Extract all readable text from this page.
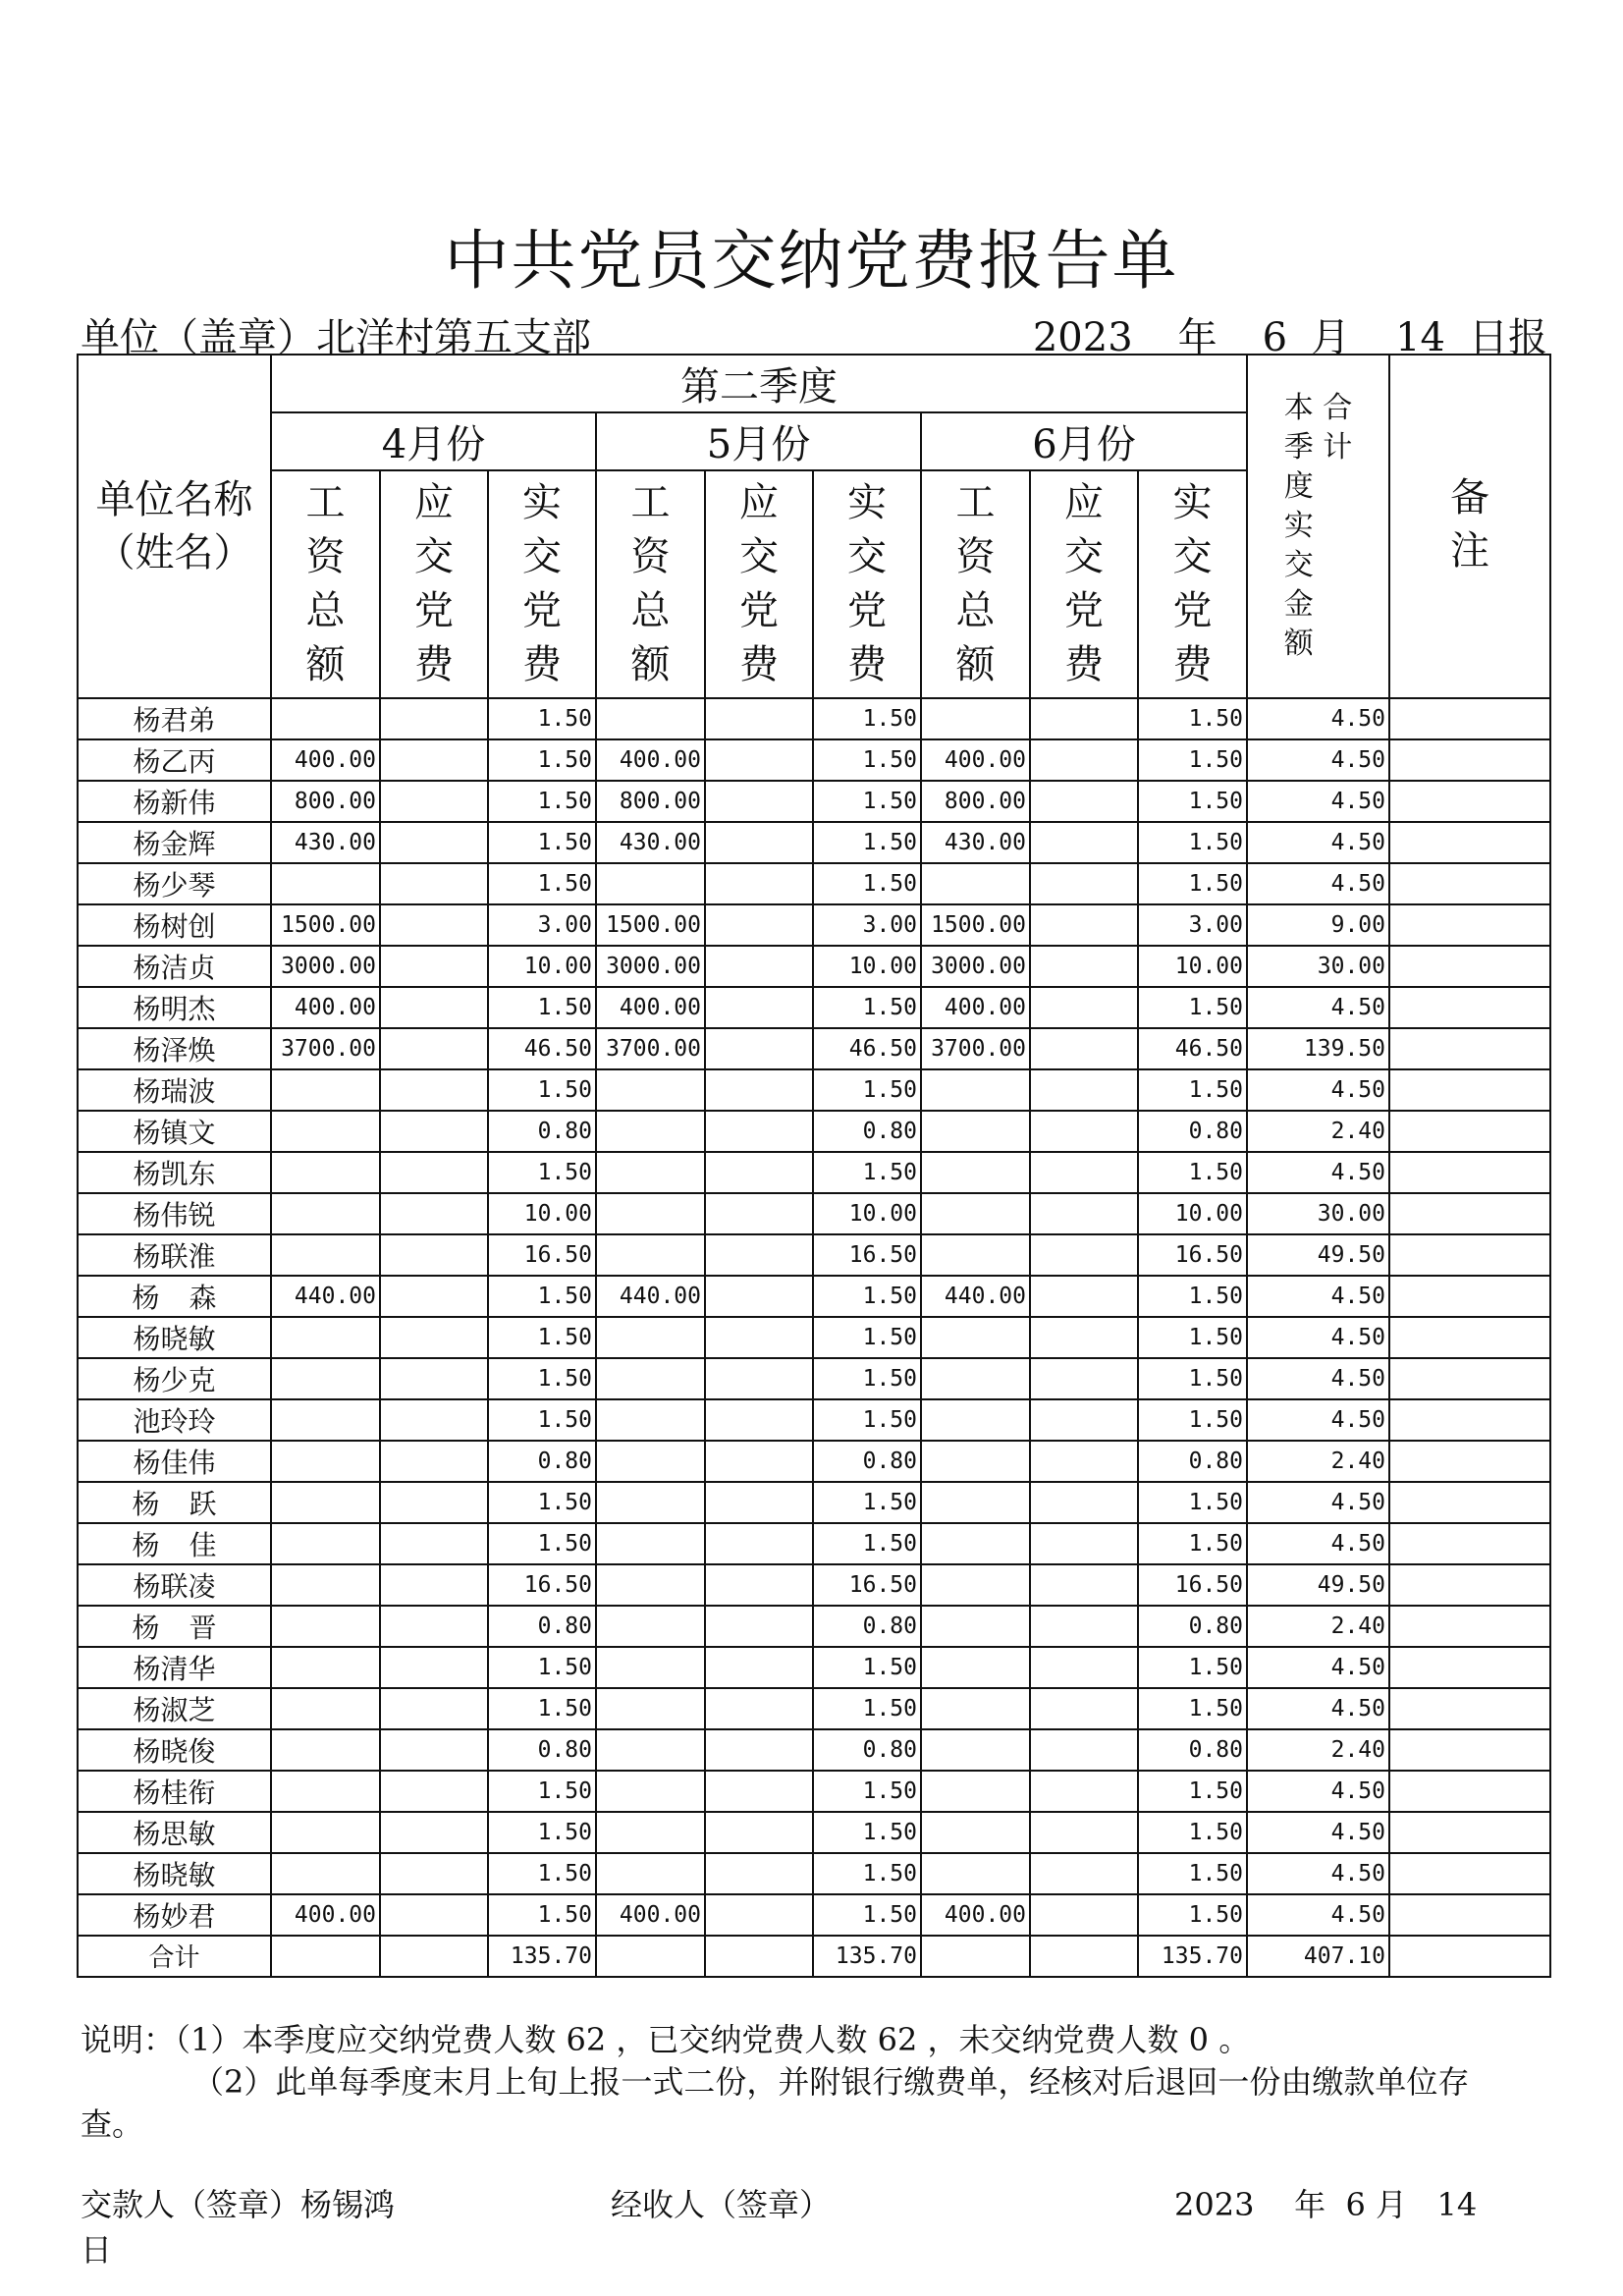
中共党员交纳党费报告单
单位（盖章）北洋村第五支部	2023 年 6 月 14 日报
单位名称（姓名）	第二季度									本季度实交金额 合计	备注
	4月份			5月份			6月份				
	工资总额	应交党费	实交党费	工资总额	应交党费	实交党费	工资总额	应交党费	实交党费		
杨君弟			1.50			1.50			1.50	4.50	
杨乙丙	400.00		1.50	400.00		1.50	400.00		1.50	4.50	
杨新伟	800.00		1.50	800.00		1.50	800.00		1.50	4.50	
杨金辉	430.00		1.50	430.00		1.50	430.00		1.50	4.50	
杨少琴			1.50			1.50			1.50	4.50	
杨树创	1500.00		3.00	1500.00		3.00	1500.00		3.00	9.00	
杨洁贞	3000.00		10.00	3000.00		10.00	3000.00		10.00	30.00	
杨明杰	400.00		1.50	400.00		1.50	400.00		1.50	4.50	
杨泽焕	3700.00		46.50	3700.00		46.50	3700.00		46.50	139.50	
杨瑞波			1.50			1.50			1.50	4.50	
杨镇文			0.80			0.80			0.80	2.40	
杨凯东			1.50			1.50			1.50	4.50	
杨伟锐			10.00			10.00			10.00	30.00	
杨联淮			16.50			16.50			16.50	49.50	
杨森	440.00		1.50	440.00		1.50	440.00		1.50	4.50	
杨晓敏			1.50			1.50			1.50	4.50	
杨少克			1.50			1.50			1.50	4.50	
池玲玲			1.50			1.50			1.50	4.50	
杨佳伟			0.80			0.80			0.80	2.40	
杨跃			1.50			1.50			1.50	4.50	
杨佳			1.50			1.50			1.50	4.50	
杨联凌			16.50			16.50			16.50	49.50	
杨晋			0.80			0.80			0.80	2.40	
杨清华			1.50			1.50			1.50	4.50	
杨淑芝			1.50			1.50			1.50	4.50	
杨晓俊			0.80			0.80			0.80	2.40	
杨桂衔			1.50			1.50			1.50	4.50	
杨思敏			1.50			1.50			1.50	4.50	
杨晓敏			1.50			1.50			1.50	4.50	
杨妙君	400.00		1.50	400.00		1.50	400.00		1.50	4.50	
合计			135.70			135.70			135.70	407.10	
说明：（1）本季度应交纳党费人数 62 ，已交纳党费人数 62 ，未交纳党费人数 0 。
（2）此单每季度末月上旬上报一式二份，并附银行缴费单，经核对后退回一份由缴款单位存
查。
交款人（签章）杨锡鸿	经收人（签章）	2023    年  6 月   14
日
